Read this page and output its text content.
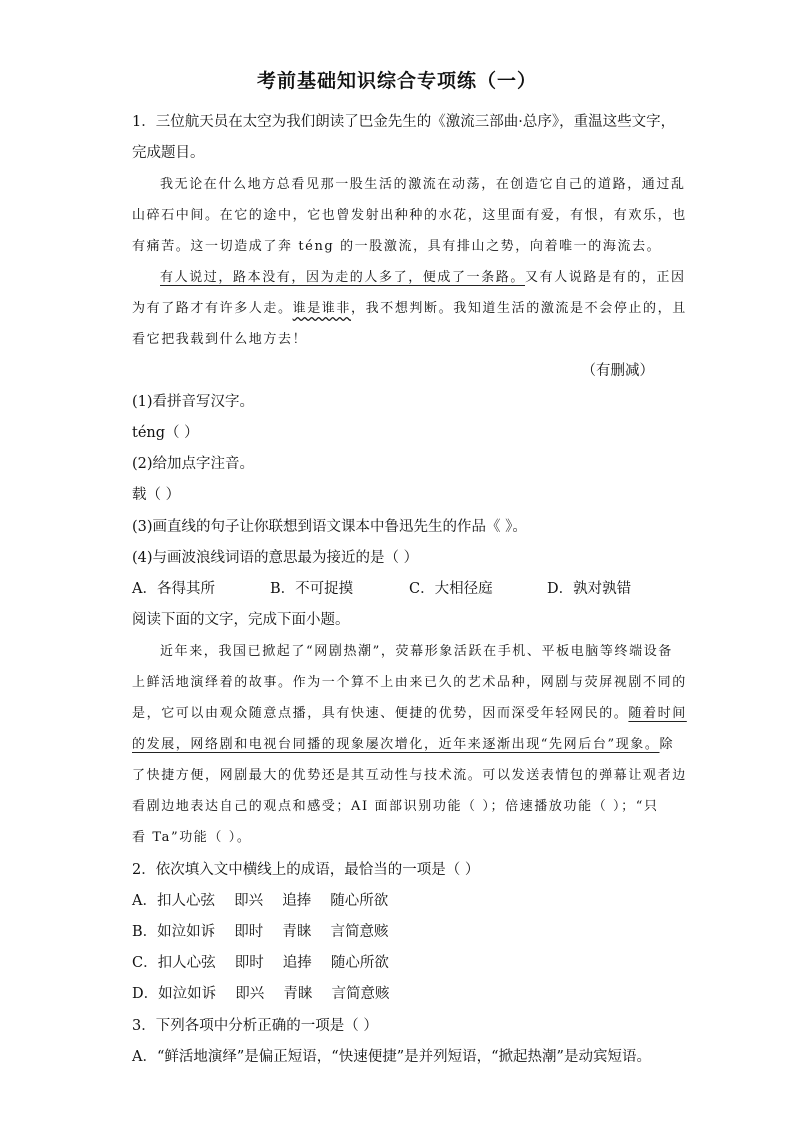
考前基础知识综合专项练（一）
1．三位航天员在太空为我们朗读了巴金先生的《激流三部曲·总序》，重温这些文字，
完成题目。
我无论在什么地方总看见那一股生活的激流在动荡，在创造它自己的道路，通过乱
山碎石中间。在它的途中，它也曾发射出种种的水花，这里面有爱，有恨，有欢乐，也
有痛苦。这一切造成了奔 téng 的一股激流，具有排山之势，向着唯一的海流去。
有人说过，路本没有，因为走的人多了，便成了一条路。又有人说路是有的，正因
为有了路才有许多人走。谁是谁非，我不想判断。我知道生活的激流是不会停止的，且
看它把我载到什么地方去！
（有删减）
(1)看拼音写汉字。
téng（ ）
(2)给加点字注音。
载（ ）
(3)画直线的句子让你联想到语文课本中鲁迅先生的作品《 》。
(4)与画波浪线词语的意思最为接近的是（ ）
A．各得其所	B．不可捉摸	C．大相径庭	D．孰对孰错
阅读下面的文字，完成下面小题。
近年来，我国已掀起了“网剧热潮”，荧幕形象活跃在手机、平板电脑等终端设备
上鲜活地演绎着的故事。作为一个算不上由来已久的艺术品种，网剧与荧屏视剧不同的
是，它可以由观众随意点播，具有快速、便捷的优势，因而深受年轻网民的。随着时间
的发展，网络剧和电视台同播的现象屡次增化，近年来逐渐出现“先网后台”现象。除
了快捷方便，网剧最大的优势还是其互动性与技术流。可以发送表情包的弹幕让观者边
看剧边地表达自己的观点和感受；AI 面部识别功能（ ）；倍速播放功能（ ）；“只
看 Ta”功能（ ）。
2．依次填入文中横线上的成语，最恰当的一项是（ ）
A．扣人心弦　 即兴　 追捧　 随心所欲
B．如泣如诉　 即时　 青睐　 言简意赅
C．扣人心弦　 即时　 追捧　 随心所欲
D．如泣如诉　 即兴　 青睐　 言简意赅
3．下列各项中分析正确的一项是（ ）
A．“鲜活地演绎”是偏正短语，“快速便捷”是并列短语，“掀起热潮”是动宾短语。
